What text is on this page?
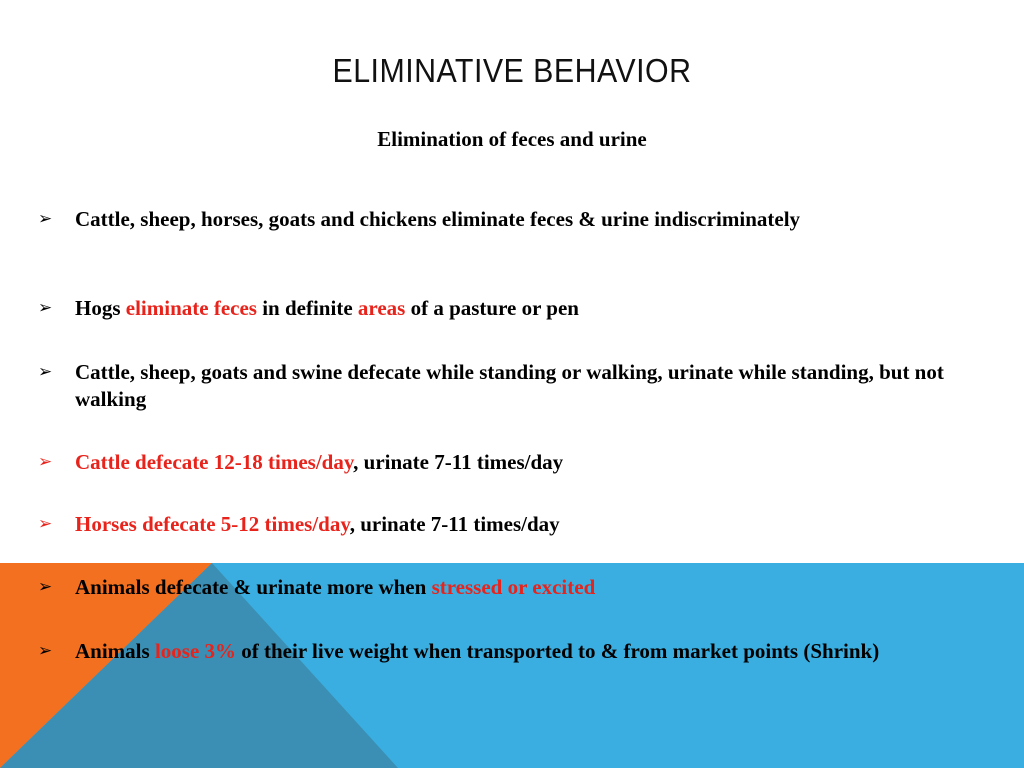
ELIMINATIVE BEHAVIOR
Elimination of feces and urine
➢	Cattle, sheep, horses, goats and chickens eliminate feces & urine indiscriminately
➢	Hogs eliminate feces in definite areas of a pasture or pen
➢	Cattle, sheep, goats and swine defecate while standing or walking, urinate while standing, but not walking
➢	Cattle defecate 12-18 times/day, urinate 7-11 times/day
➢	Horses defecate 5-12 times/day, urinate 7-11 times/day
➢	Animals defecate & urinate more when stressed or excited
➢	Animals loose 3% of their live weight when transported to & from market points (Shrink)
